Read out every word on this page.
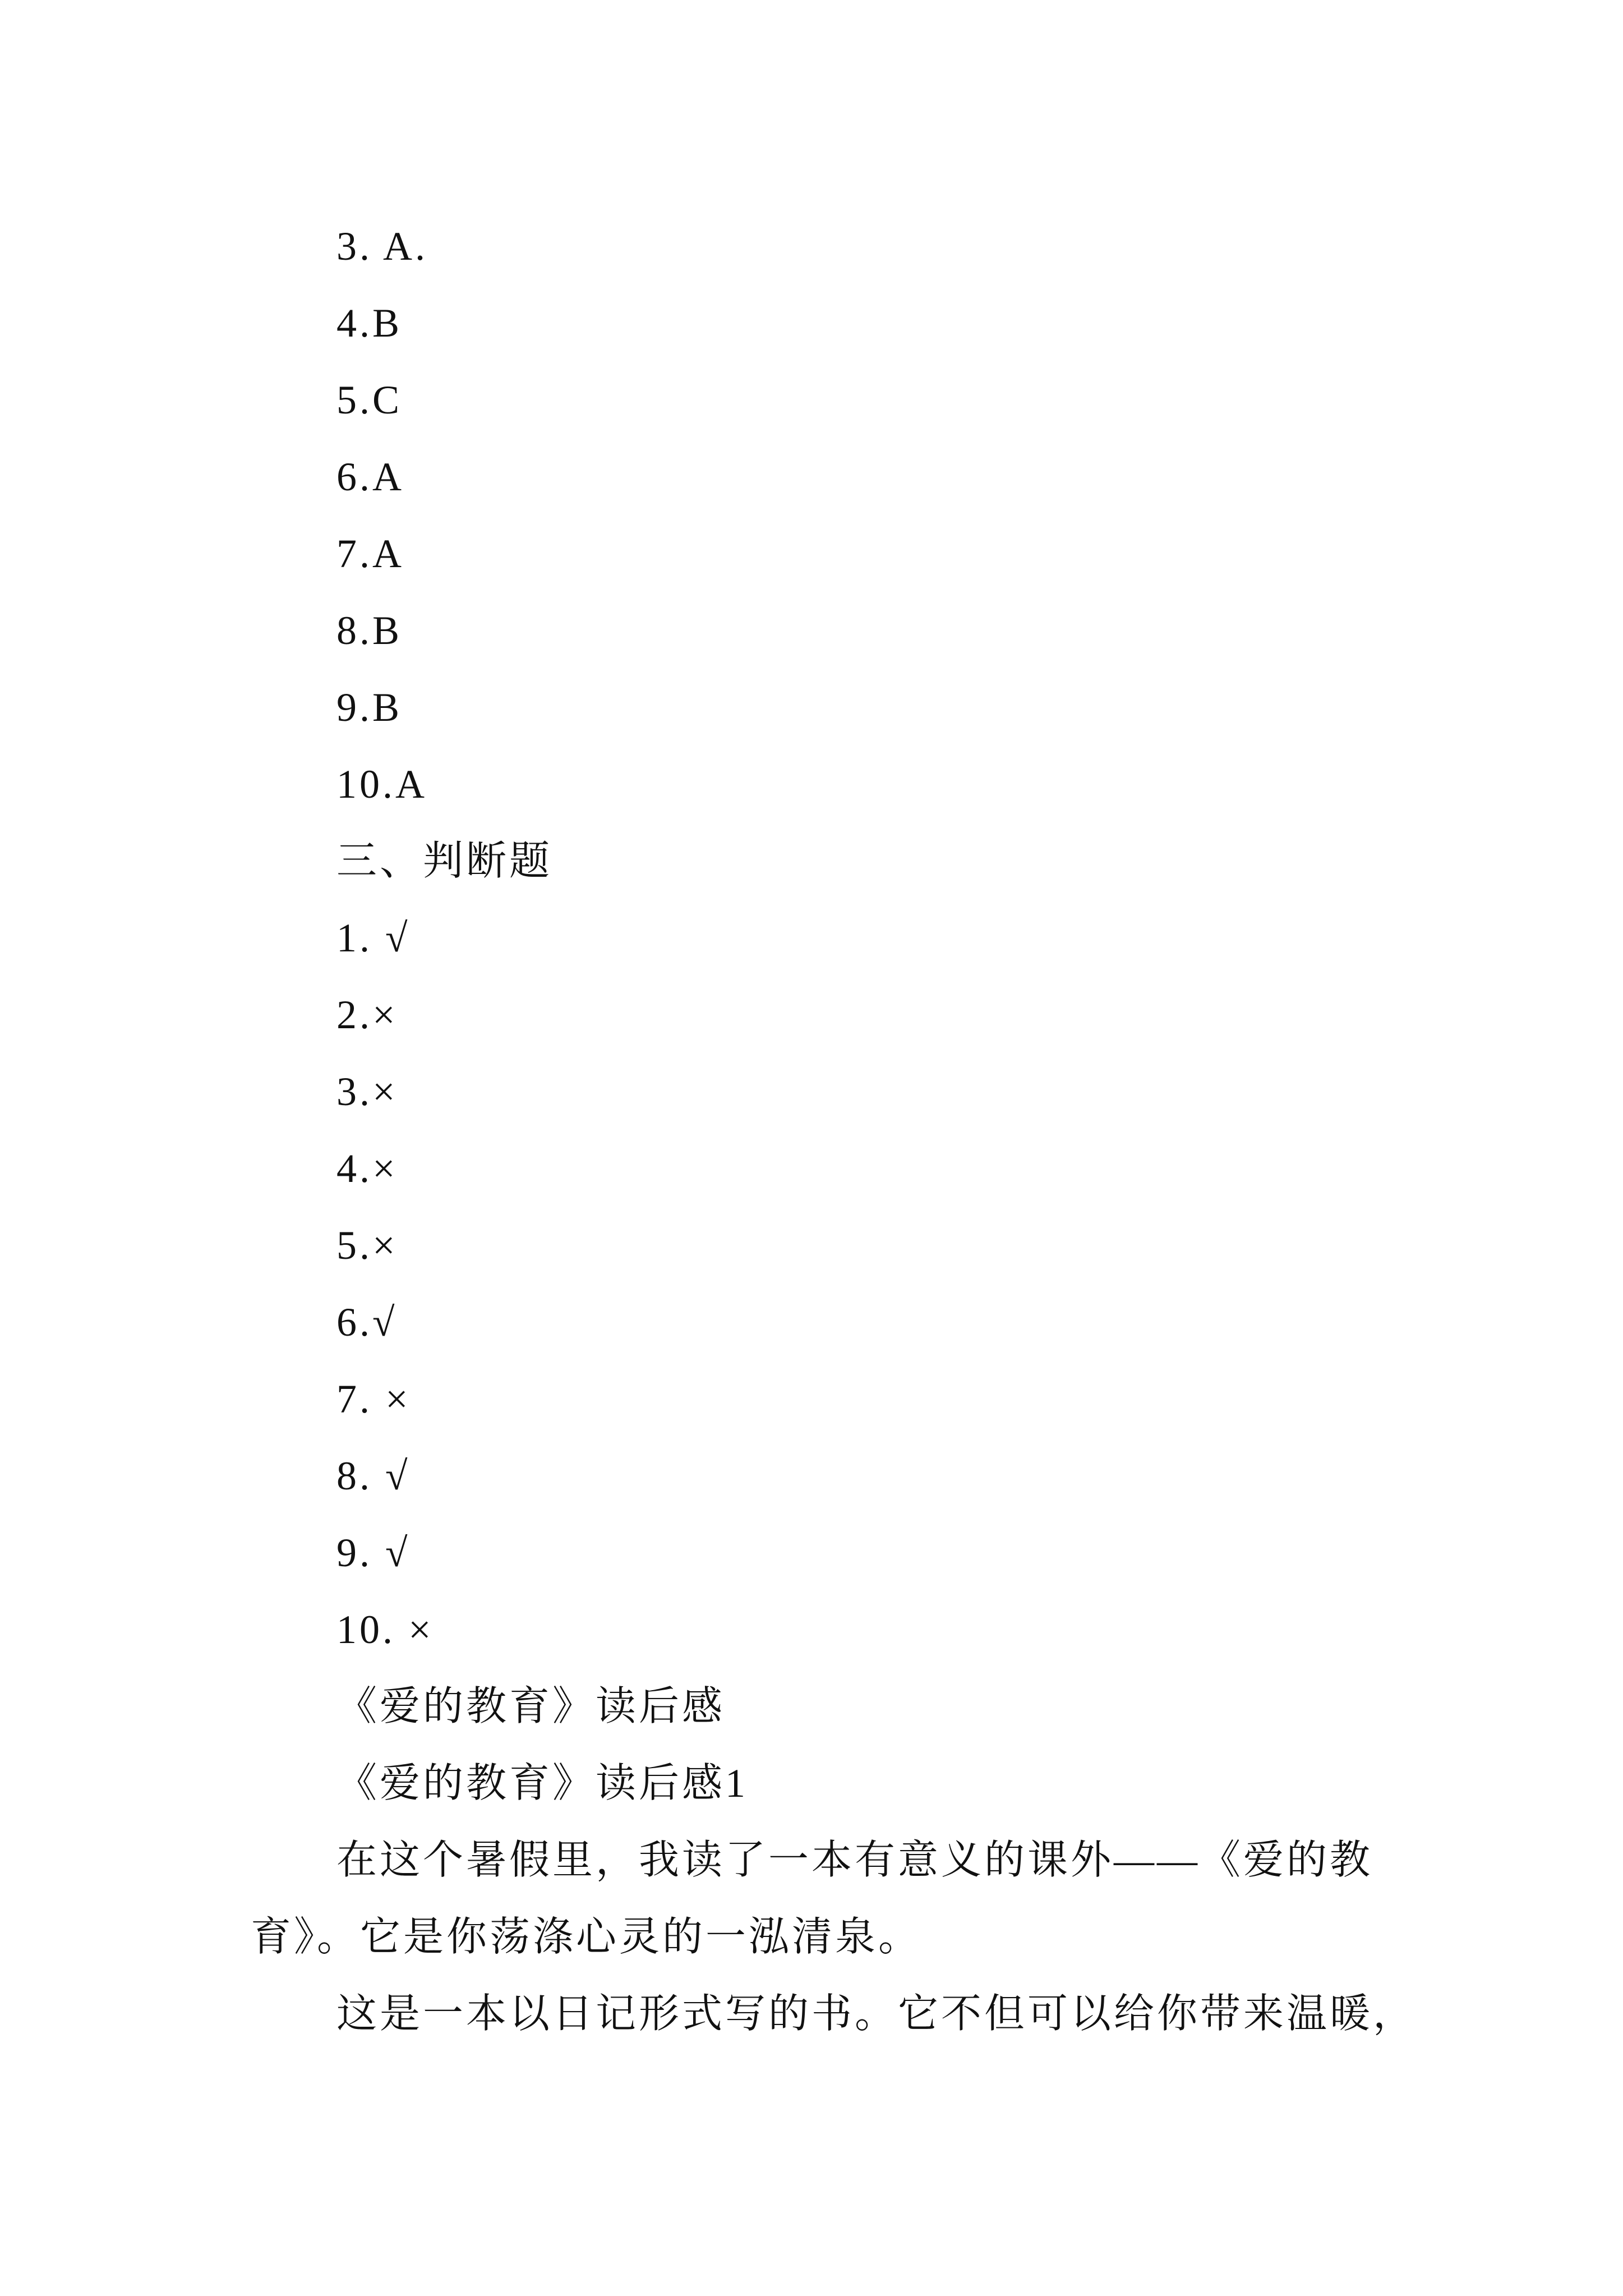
3. A.
4.B
5.C
6.A
7.A
8.B
9.B
10.A
三、判断题
1. √
2.×
3.×
4.×
5.×
6.√
7. ×
8. √
9. √
10. ×
《爱的教育》读后感
《爱的教育》读后感1
在这个暑假里，我读了一本有意义的课外——《爱的教
育》。它是你荡涤心灵的一泓清泉。
这是一本以日记形式写的书。它不但可以给你带来温暖，
